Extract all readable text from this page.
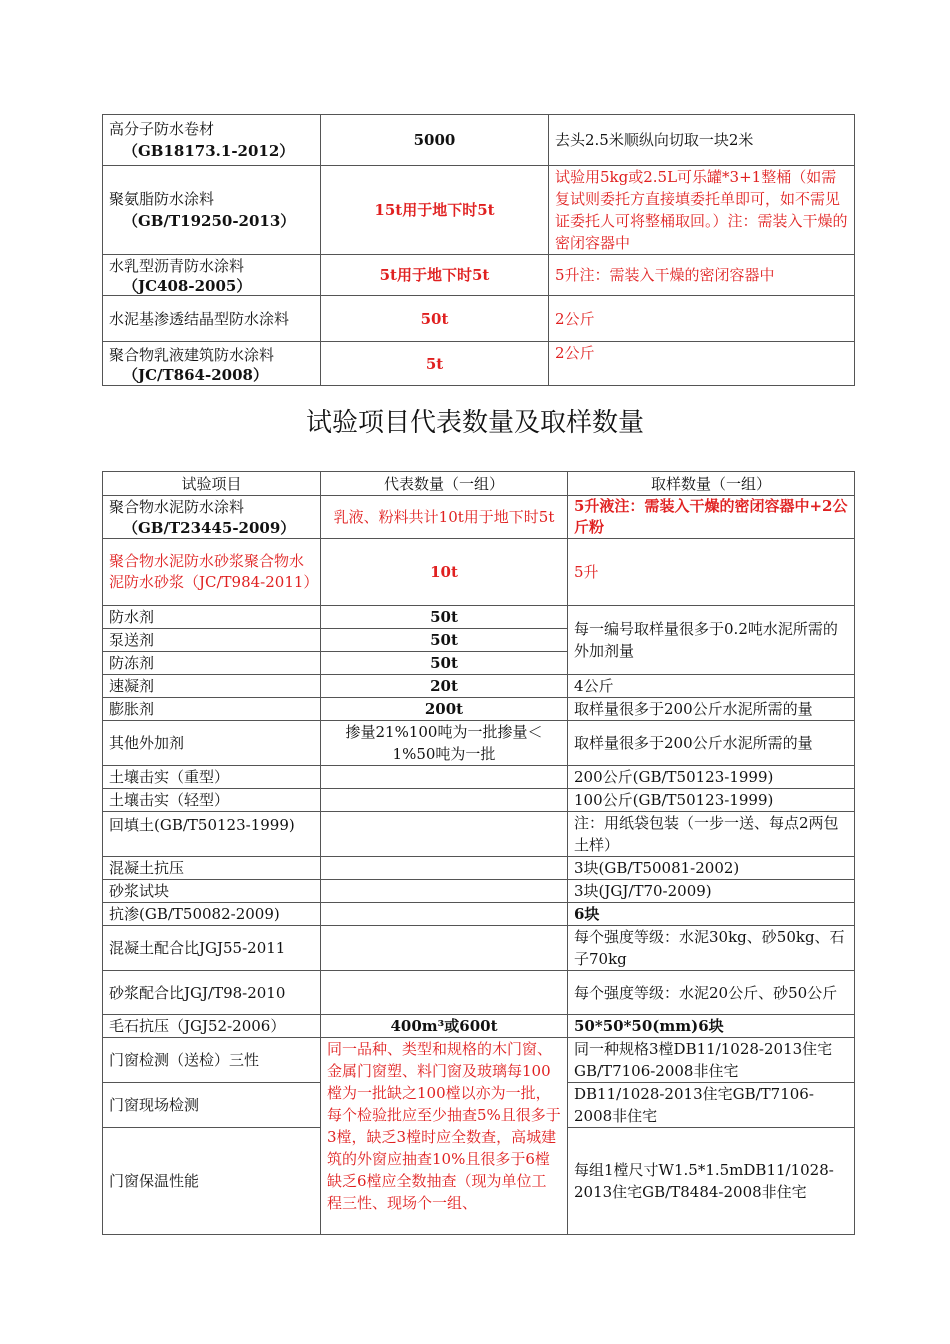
高分子防水卷材
（GB18173.1-2012）	5000	去头2.5米顺纵向切取一块2米

聚氨脂防水涂料
（GB/T19250-2013）	15t用于地下时5t	试验用5kg或2.5L可乐罐*3+1整桶（如需复试则委托方直接填委托单即可，如不需见证委托人可将整桶取回。）注：需装入干燥的密闭容器中

水乳型沥青防水涂料
（JC408-2005）	5t用于地下时5t	5升注：需装入干燥的密闭容器中

水泥基渗透结晶型防水涂料	50t	2公斤

聚合物乳液建筑防水涂料
（JC/T864-2008）	5t	2公斤
试验项目代表数量及取样数量
试验项目	代表数量（一组）	取样数量（一组）

聚合物水泥防水涂料
（GB/T23445-2009）	乳液、粉料共计10t用于地下时5t	5升液注：需装入干燥的密闭容器中+2公斤粉
聚合物水泥防水砂浆聚合物水泥防水砂浆（JC/T984-2011）	10t	5升
防水剂	50t	每一编号取样量很多于0.2吨水泥所需的外加剂量
泵送剂	50t	
防冻剂	50t	
速凝剂	20t	4公斤
膨胀剂	200t	取样量很多于200公斤水泥所需的量
其他外加剂	掺量21%100吨为一批掺量＜1%50吨为一批	取样量很多于200公斤水泥所需的量
土壤击实（重型）		200公斤(GB/T50123-1999)
土壤击实（轻型）		100公斤(GB/T50123-1999)
回填土(GB/T50123-1999)		注：用纸袋包装（一步一送、每点2两包土样）
混凝土抗压		3块(GB/T50081-2002)
砂浆试块		3块(JGJ/T70-2009)
抗渗(GB/T50082-2009)		6块
混凝土配合比JGJ55-2011		每个强度等级：水泥30kg、砂50kg、石子70kg
砂浆配合比JGJ/T98-2010		每个强度等级：水泥20公斤、砂50公斤
毛石抗压（JGJ52-2006）	400m³或600t	50*50*50(mm)6块
门窗检测（送检）三性	同一品种、类型和规格的木门窗、金属门窗塑、料门窗及玻璃每100樘为一批缺之100樘以亦为一批，每个检验批应至少抽查5%且很多于3樘，缺乏3樘时应全数查，高城建筑的外窗应抽查10%且很多于6樘缺乏6樘应全数抽查（现为单位工程三性、现场个一组、	同一种规格3樘DB11/1028-2013住宅GB/T7106-2008非住宅
门窗现场检测		DB11/1028-2013住宅GB/T7106-2008非住宅
门窗保温性能		每组1樘尺寸W1.5*1.5mDB11/1028-2013住宅GB/T8484-2008非住宅
